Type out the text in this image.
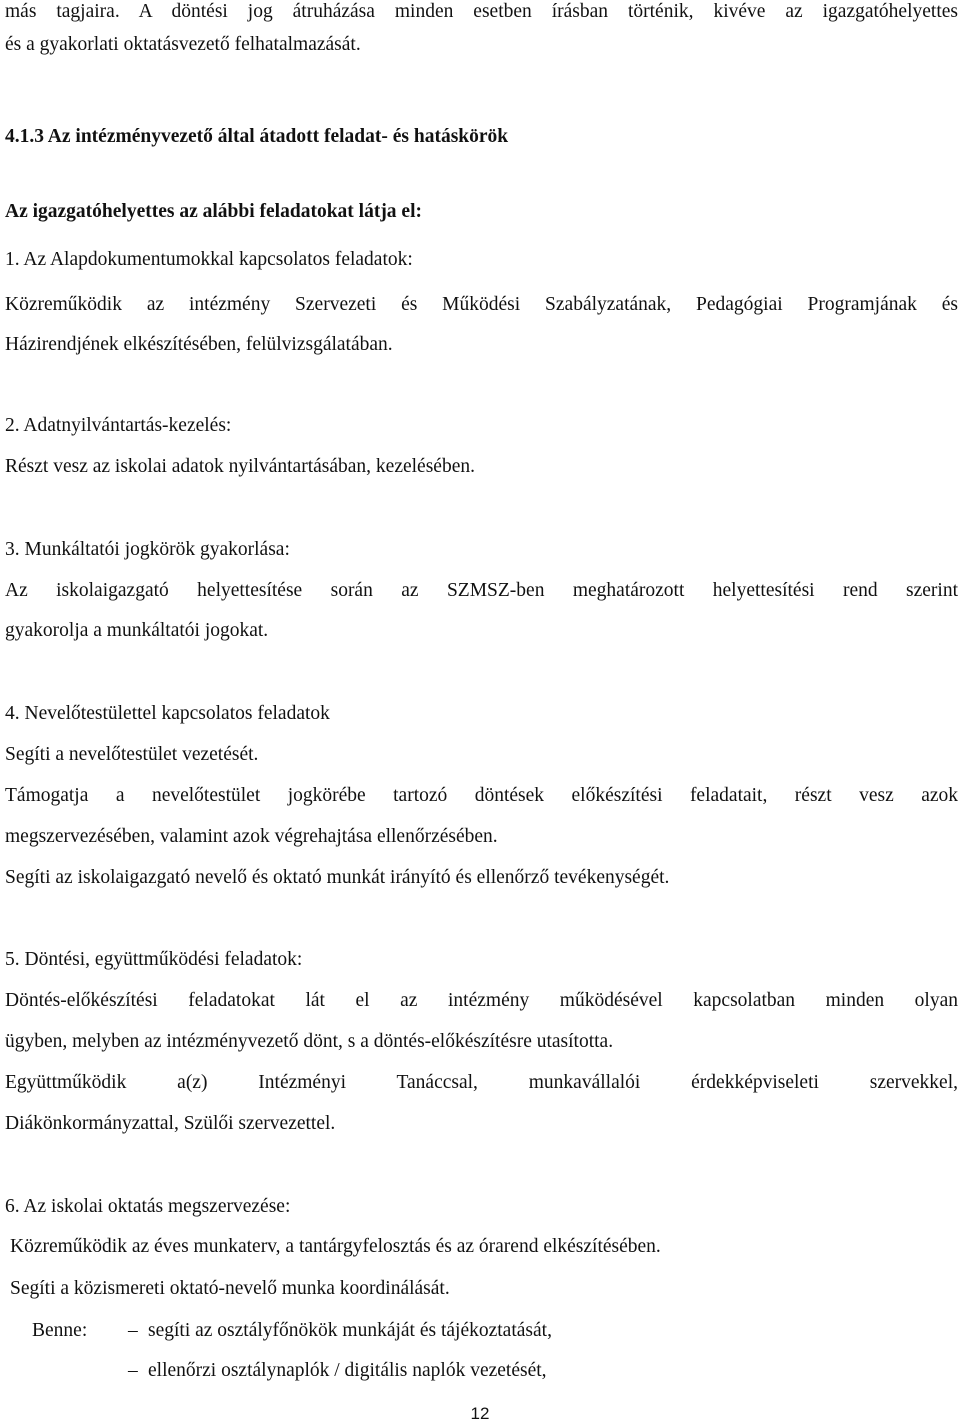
más tagjaira. A döntési jog átruházása minden esetben írásban történik, kivéve az igazgatóhelyettes
és a gyakorlati oktatásvezető felhatalmazását.
4.1.3 Az intézményvezető által átadott feladat- és hatáskörök
Az igazgatóhelyettes az alábbi feladatokat látja el:
1. Az Alapdokumentumokkal kapcsolatos feladatok:
Közreműködik az intézmény Szervezeti és Működési Szabályzatának, Pedagógiai Programjának és
Házirendjének elkészítésében, felülvizsgálatában.
2. Adatnyilvántartás-kezelés:
Részt vesz az iskolai adatok nyilvántartásában, kezelésében.
3. Munkáltatói jogkörök gyakorlása:
Az iskolaigazgató helyettesítése során az SZMSZ-ben meghatározott helyettesítési rend szerint
gyakorolja a munkáltatói jogokat.
4. Nevelőtestülettel kapcsolatos feladatok
Segíti a nevelőtestület vezetését.
Támogatja a nevelőtestület jogkörébe tartozó döntések előkészítési feladatait, részt vesz azok
megszervezésében, valamint azok végrehajtása ellenőrzésében.
Segíti az iskolaigazgató nevelő és oktató munkát irányító és ellenőrző tevékenységét.
5. Döntési, együttműködési feladatok:
Döntés-előkészítési feladatokat lát el az intézmény működésével kapcsolatban minden olyan
ügyben, melyben az intézményvezető dönt, s a döntés-előkészítésre utasította.
Együttműködik a(z) Intézményi Tanáccsal, munkavállalói érdekképviseleti szervekkel,
Diákönkormányzattal, Szülői szervezettel.
6. Az iskolai oktatás megszervezése:
Közreműködik az éves munkaterv, a tantárgyfelosztás és az órarend elkészítésében.
Segíti a közismereti oktató-nevelő munka koordinálását.
Benne: – segíti az osztályfőnökök munkáját és tájékoztatását,
– ellenőrzi osztálynaplók / digitális naplók vezetését,
12
